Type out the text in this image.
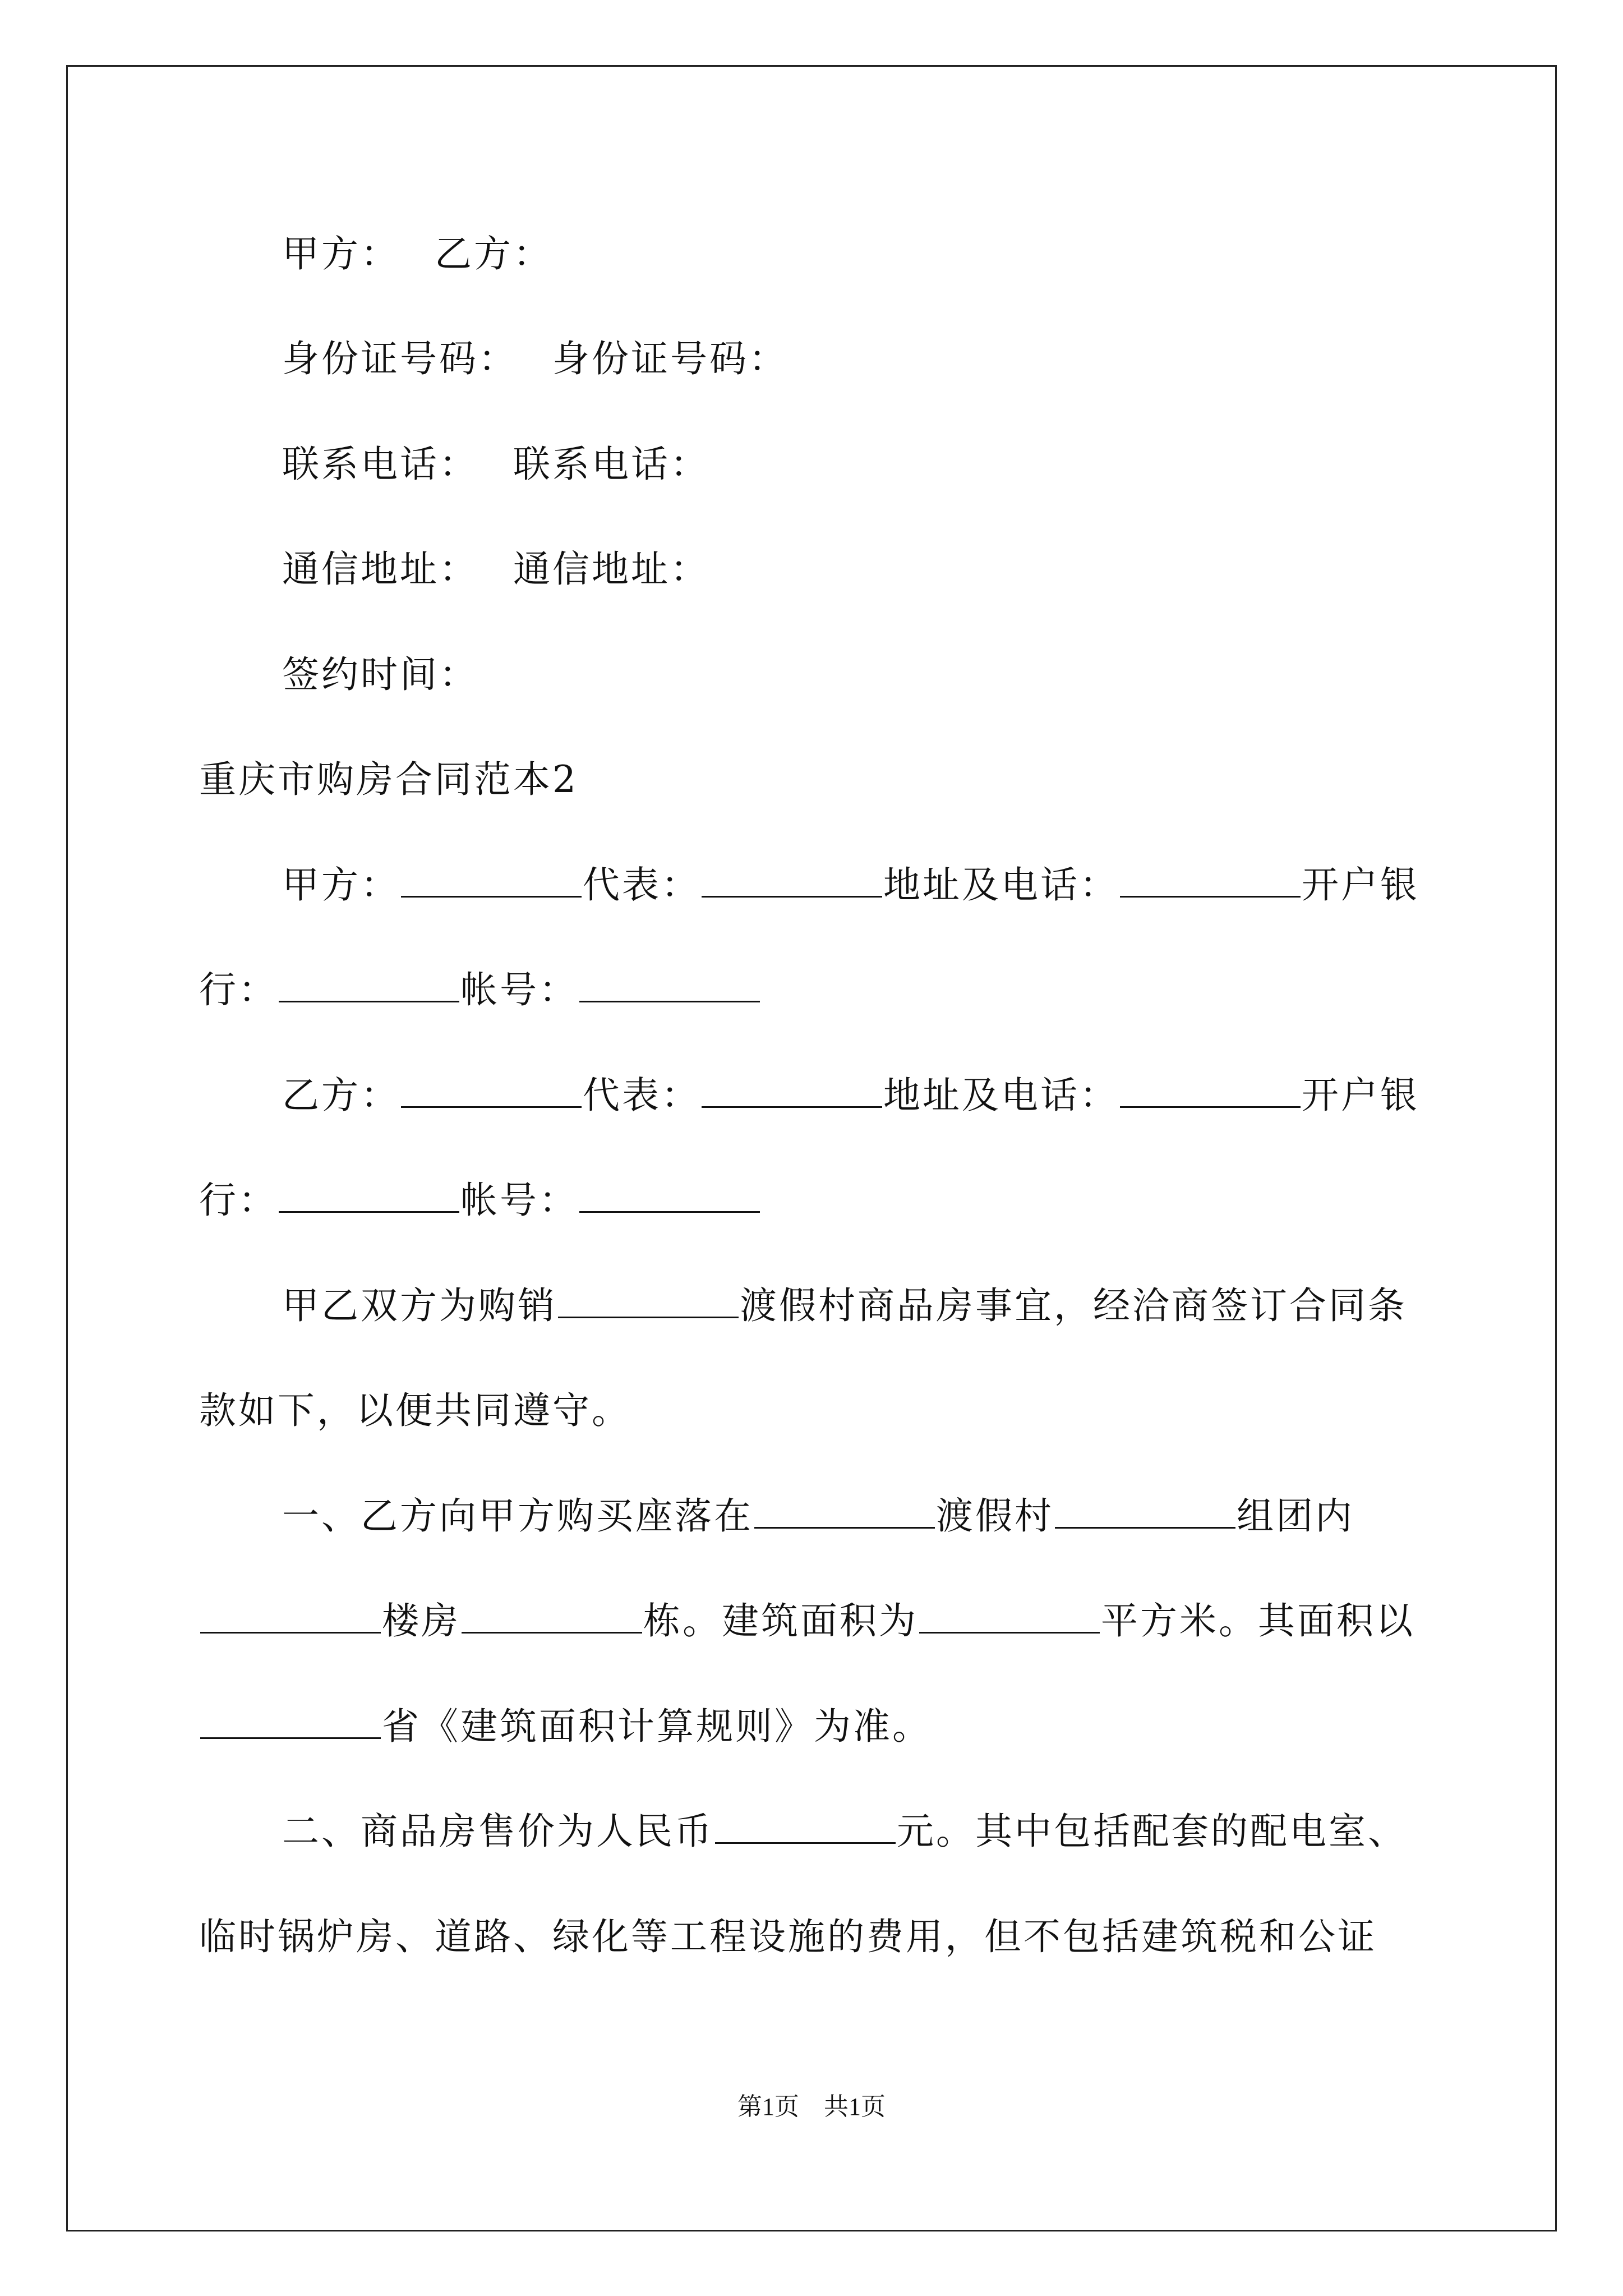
甲方：　 乙方：
身份证号码：　 身份证号码：
联系电话：　 联系电话：
通信地址：　 通信地址：
签约时间：
重庆市购房合同范本2
甲方：	代表：	地址及电话：	开户银
行：	帐号：
乙方：	代表：	地址及电话：	开户银
行：	帐号：
甲乙双方为购销	渡假村商品房事宜，经洽商签订合同条
款如下，以便共同遵守。
一、乙方向甲方购买座落在	渡假村	组团内
楼房	栋。建筑面积为	平方米。其面积以
省《建筑面积计算规则》为准。
二、商品房售价为人民币	元。其中包括配套的配电室、
临时锅炉房、道路、绿化等工程设施的费用，但不包括建筑税和公证
第1页　共1页
